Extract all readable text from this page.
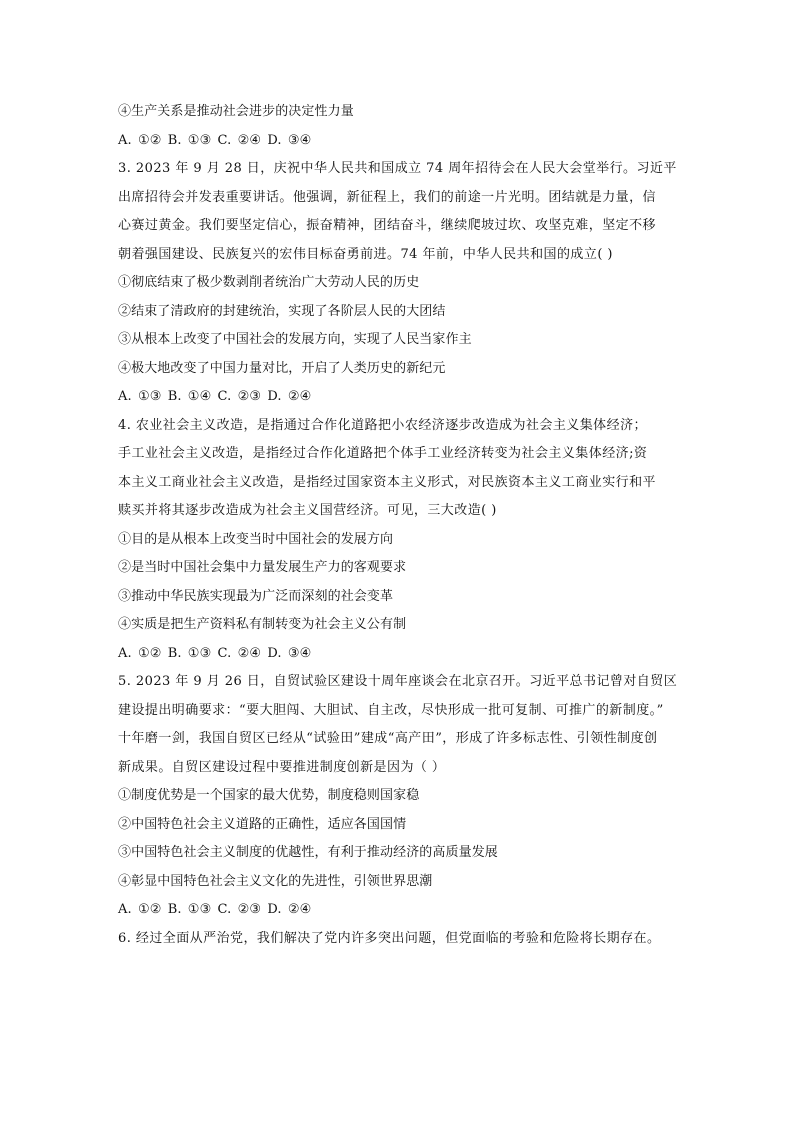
④生产关系是推动社会进步的决定性力量
A. ①② B. ①③ C. ②④ D. ③④
3. 2023 年 9 月 28 日，庆祝中华人民共和国成立 74 周年招待会在人民大会堂举行。习近平
出席招待会并发表重要讲话。他强调，新征程上，我们的前途一片光明。团结就是力量，信
心赛过黄金。我们要坚定信心，振奋精神，团结奋斗，继续爬坡过坎、攻坚克难，坚定不移
朝着强国建设、民族复兴的宏伟目标奋勇前进。74 年前，中华人民共和国的成立( )
①彻底结束了极少数剥削者统治广大劳动人民的历史
②结束了清政府的封建统治，实现了各阶层人民的大团结
③从根本上改变了中国社会的发展方向，实现了人民当家作主
④极大地改变了中国力量对比，开启了人类历史的新纪元
A. ①③ B. ①④ C. ②③ D. ②④
4. 农业社会主义改造，是指通过合作化道路把小农经济逐步改造成为社会主义集体经济；
手工业社会主义改造，是指经过合作化道路把个体手工业经济转变为社会主义集体经济;资
本主义工商业社会主义改造，是指经过国家资本主义形式，对民族资本主义工商业实行和平
赎买并将其逐步改造成为社会主义国营经济。可见，三大改造( )
①目的是从根本上改变当时中国社会的发展方向
②是当时中国社会集中力量发展生产力的客观要求
③推动中华民族实现最为广泛而深刻的社会变革
④实质是把生产资料私有制转变为社会主义公有制
A. ①② B. ①③ C. ②④ D. ③④
5. 2023 年 9 月 26 日，自贸试验区建设十周年座谈会在北京召开。习近平总书记曾对自贸区
建设提出明确要求：“要大胆闯、大胆试、自主改，尽快形成一批可复制、可推广的新制度。”
十年磨一剑，我国自贸区已经从“试验田”建成“高产田”，形成了许多标志性、引领性制度创
新成果。自贸区建设过程中要推进制度创新是因为（ ）
①制度优势是一个国家的最大优势，制度稳则国家稳
②中国特色社会主义道路的正确性，适应各国国情
③中国特色社会主义制度的优越性，有利于推动经济的高质量发展
④彰显中国特色社会主义文化的先进性，引领世界思潮
A. ①② B. ①③ C. ②③ D. ②④
6. 经过全面从严治党，我们解决了党内许多突出问题，但党面临的考验和危险将长期存在。
